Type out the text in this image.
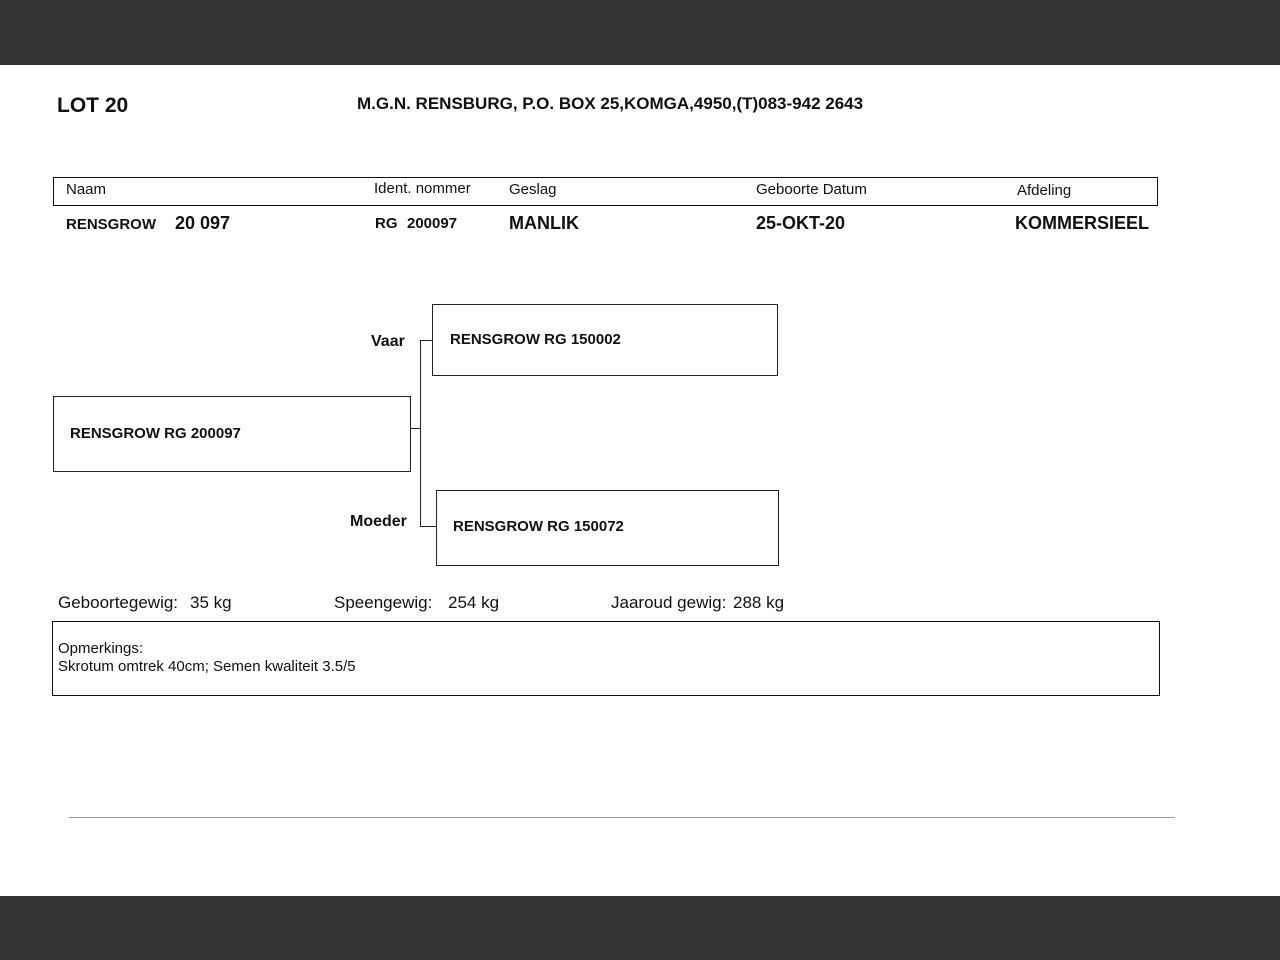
LOT 20	M.G.N. RENSBURG, P.O. BOX 25,KOMGA,4950,(T)083-942 2643
Naam	Ident. nommer	Geslag	Geboorte Datum	Afdeling
RENSGROW 20 097	RG 200097	MANLIK	25-OKT-20	KOMMERSIEEL
RENSGROW RG 150002
Vaar
RENSGROW RG 200097
RENSGROW RG 150072
Moeder
Geboortegewig: 35 kg	Speengewig: 254 kg	Jaaroud gewig: 288 kg
Opmerkings:
Skrotum omtrek 40cm; Semen kwaliteit 3.5/5
